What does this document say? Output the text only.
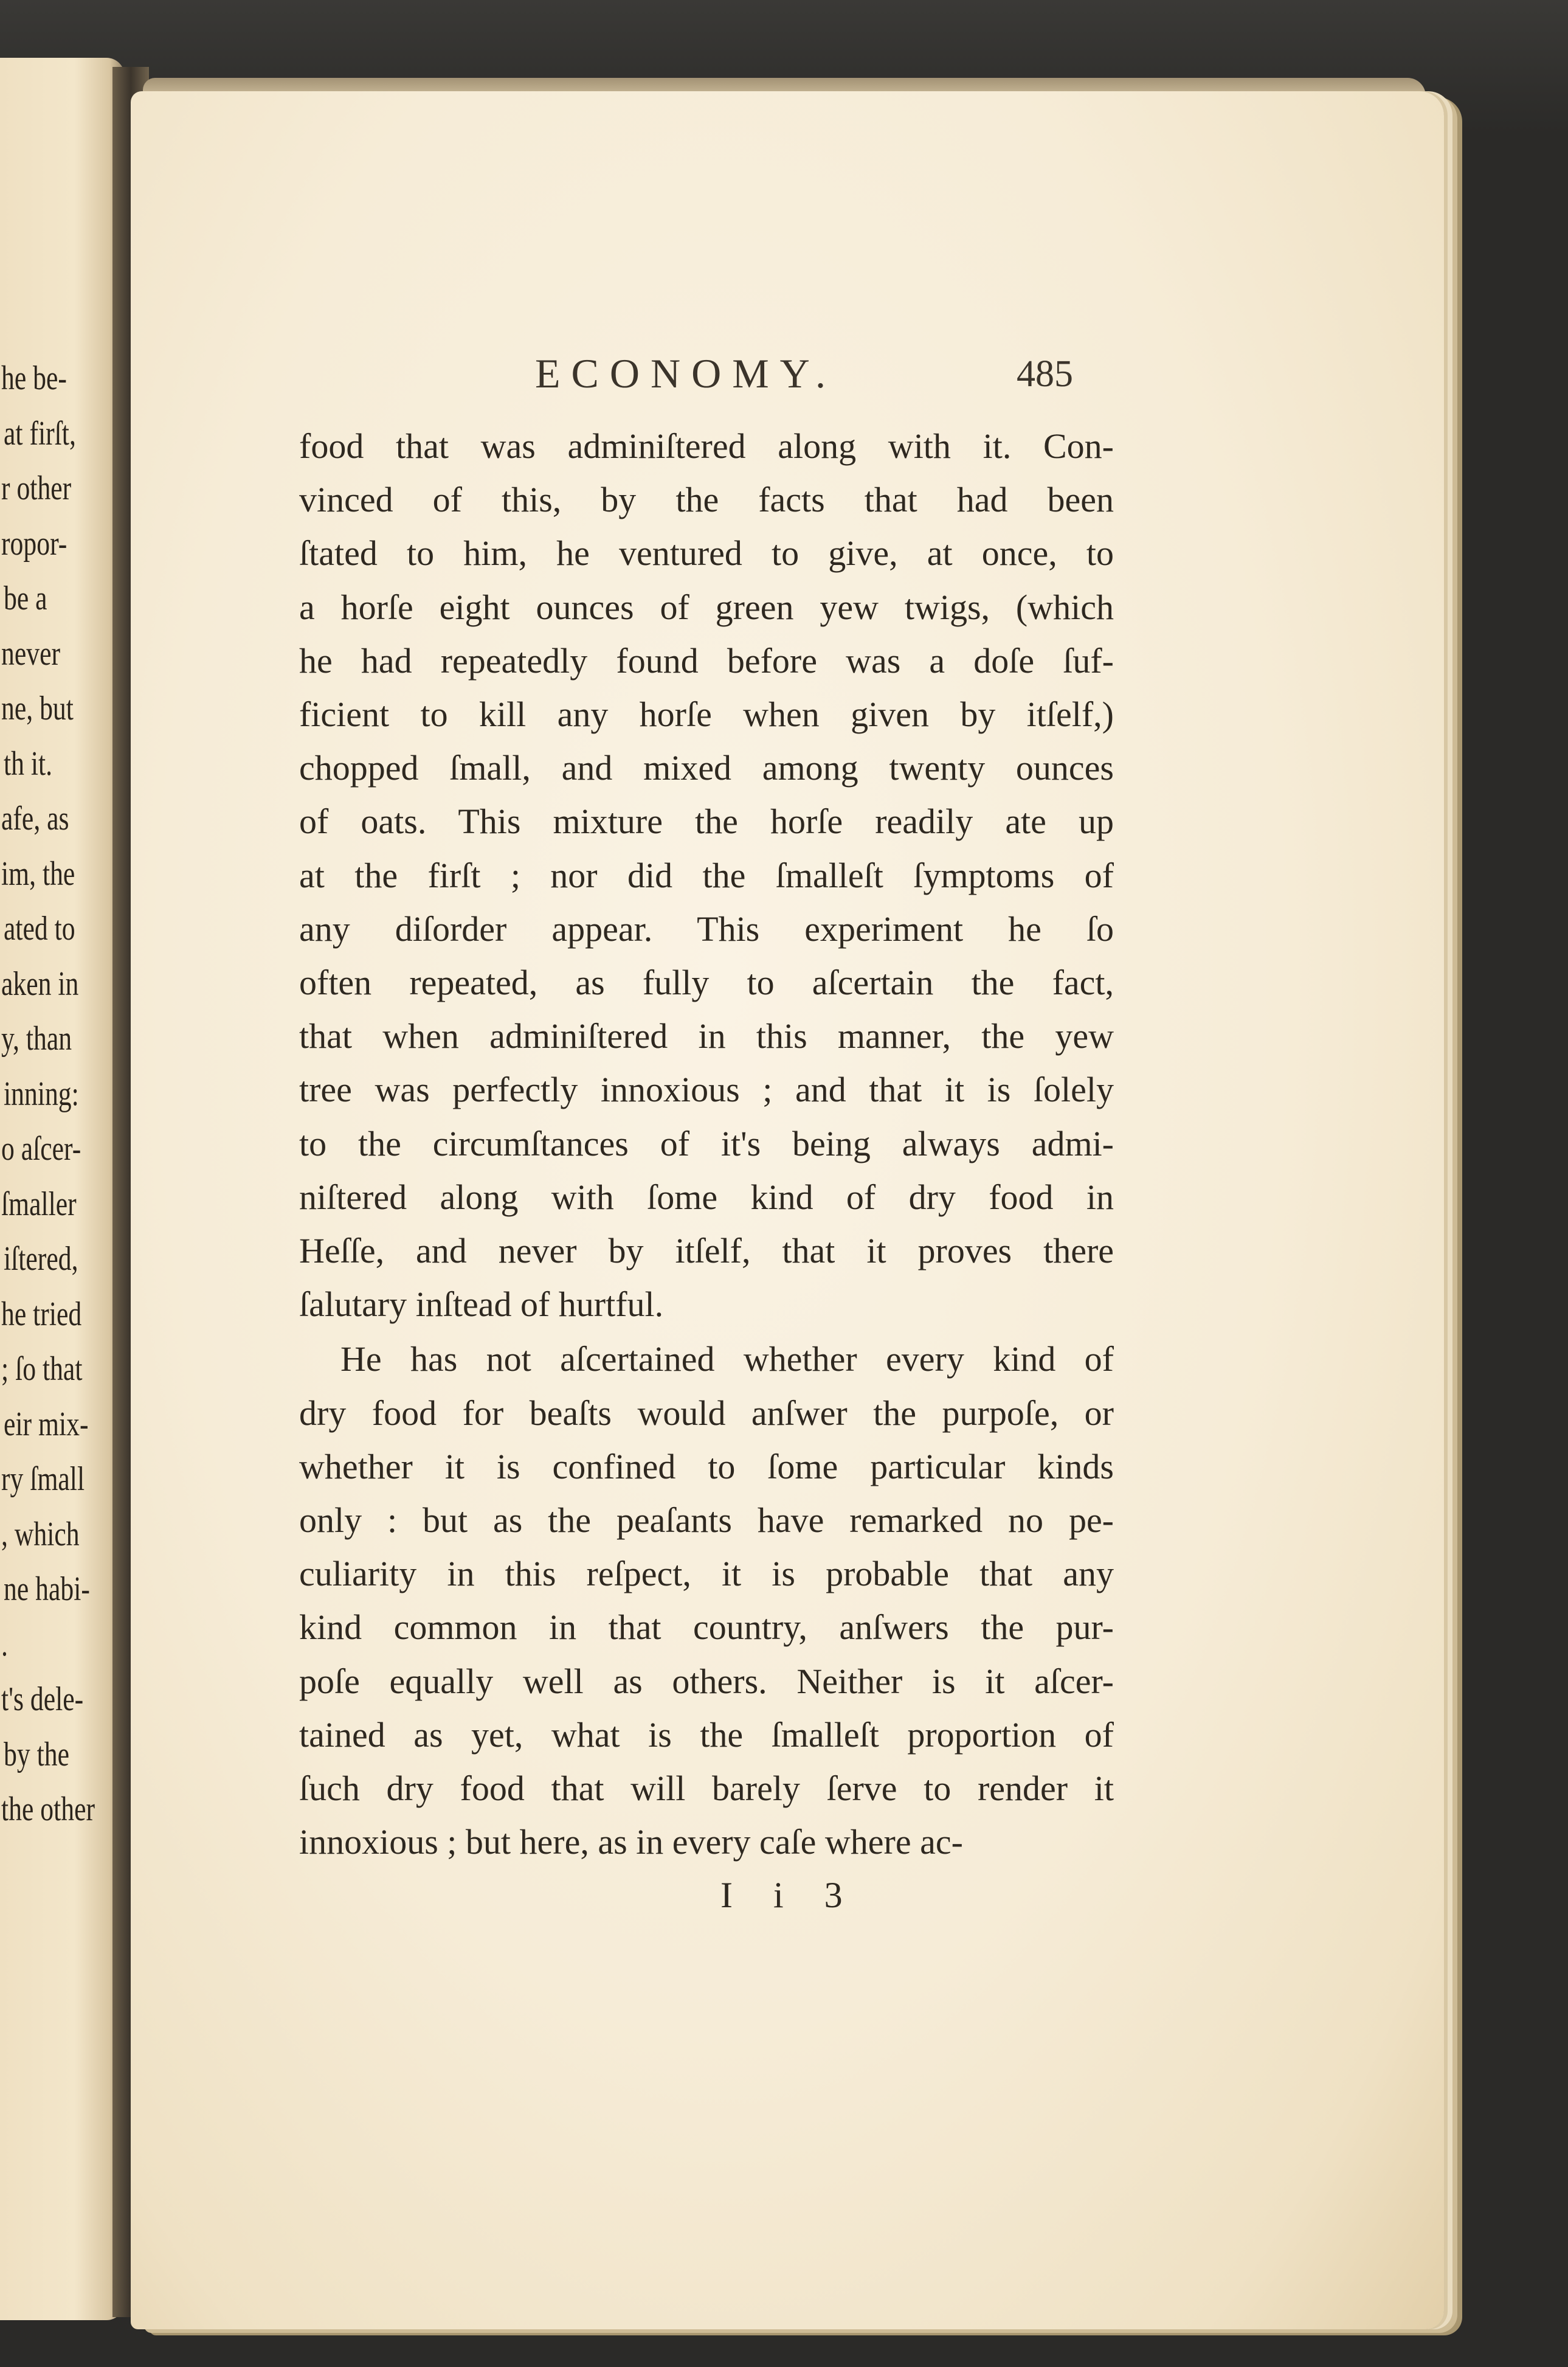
he be-
at firſt,
r other
ropor-
be a
never
ne, but
th it.
afe, as
im, the
ated to
aken in
y, than
inning:
o aſcer-
ſmaller
iſtered,
he tried
; ſo that
eir mix-
ry ſmall
, which
ne habi-
.
t's dele-
by the
the other
ECONOMY.	485
food that was adminiſtered along with it. Con-
vinced of this, by the facts that had been
ſtated to him, he ventured to give, at once, to
a horſe eight ounces of green yew twigs, (which
he had repeatedly found before was a doſe ſuf-
ficient to kill any horſe when given by itſelf,)
chopped ſmall, and mixed among twenty ounces
of oats. This mixture the horſe readily ate up
at the firſt ; nor did the ſmalleſt ſymptoms of
any diſorder appear. This experiment he ſo
often repeated, as fully to aſcertain the fact,
that when adminiſtered in this manner, the yew
tree was perfectly innoxious ; and that it is ſolely
to the circumſtances of it's being always admi-
niſtered along with ſome kind of dry food in
Heſſe, and never by itſelf, that it proves there
ſalutary inſtead of hurtful.
He has not aſcertained whether every kind of
dry food for beaſts would anſwer the purpoſe, or
whether it is confined to ſome particular kinds
only : but as the peaſants have remarked no pe-
culiarity in this reſpect, it is probable that any
kind common in that country, anſwers the pur-
poſe equally well as others. Neither is it aſcer-
tained as yet, what is the ſmalleſt proportion of
ſuch dry food that will barely ſerve to render it
innoxious ; but here, as in every caſe where ac-
I i 3
